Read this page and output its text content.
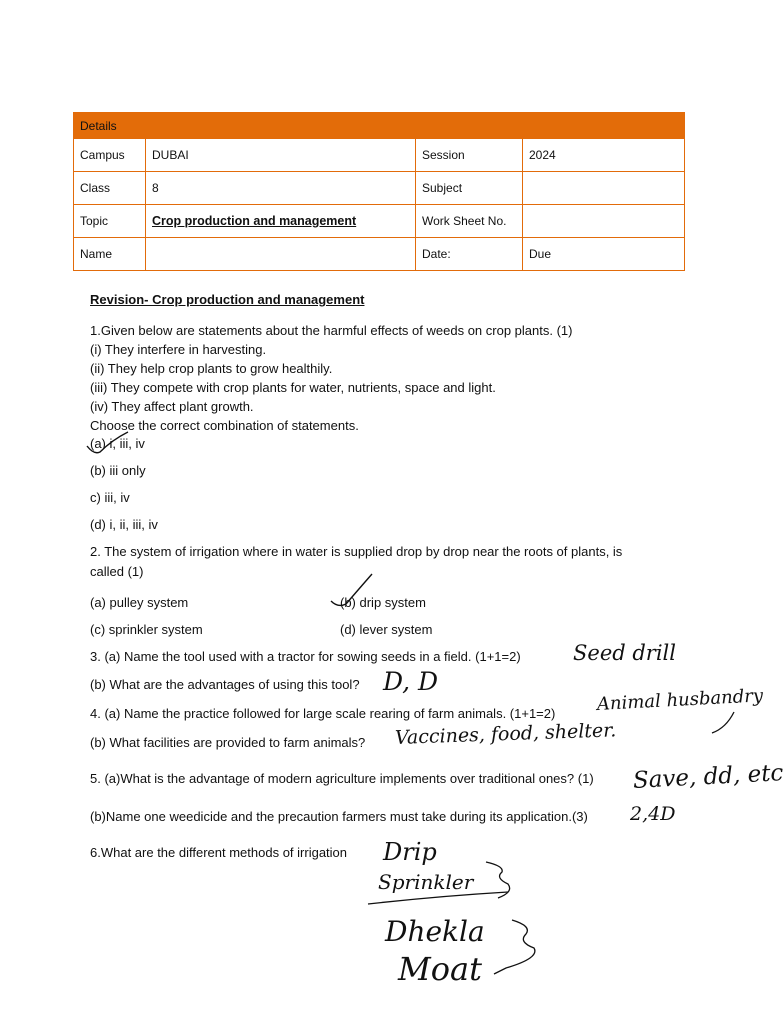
Details			
Campus	DUBAI	Session	2024
Class	8	Subject	
Topic	Crop production and management	Work Sheet No.	
Name		Date:	Due
Revision- Crop production and management
1.Given below are statements about the harmful effects of weeds on crop plants. (1)
(i) They interfere in harvesting.
(ii) They help crop plants to grow healthily.
(iii) They compete with crop plants for water, nutrients, space and light.
(iv) They affect plant growth.
Choose the correct combination of statements.
(a) i, iii, iv
(b) iii only
c) iii, iv
(d) i, ii, iii, iv
2. The system of irrigation where in water is supplied drop by drop near the roots of plants, is
called (1)
(a) pulley system	(b) drip system
(c) sprinkler system	(d) lever system
3. (a) Name the tool used with a tractor for sowing seeds in a field. (1+1=2)
(b) What are the advantages of using this tool?
4. (a) Name the practice followed for large scale rearing of farm animals. (1+1=2)
(b) What facilities are provided to farm animals?
5. (a)What is the advantage of modern agriculture implements over traditional ones? (1)
(b)Name one weedicide and the precaution farmers must take during its application.(3)
6.What are the different methods of irrigation
Seed drill
D, D
Animal husbandry
Vaccines, food, shelter.
Save, dd, etc
2,4D
Drip
Sprinkler
Dhekla
Moat
